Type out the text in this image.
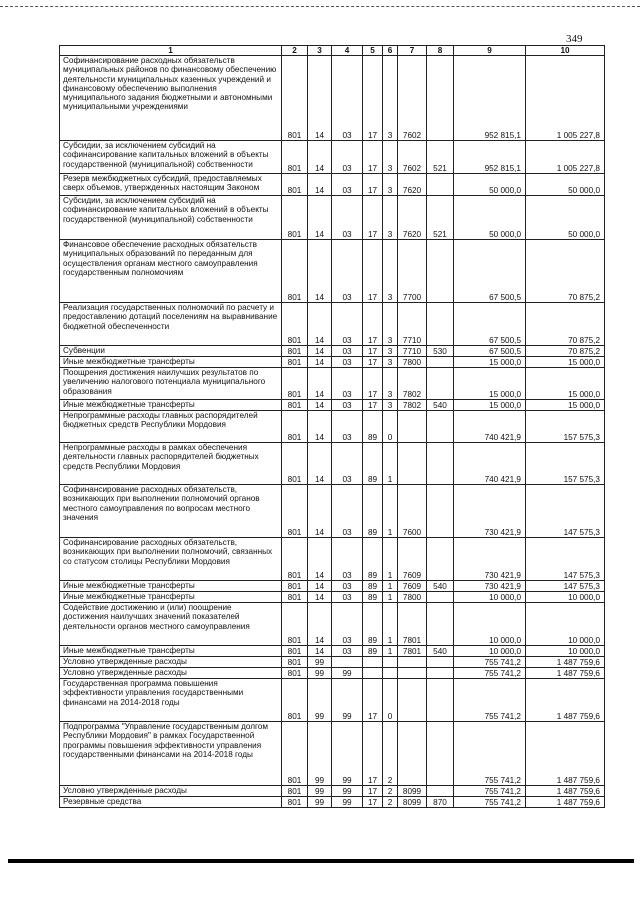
349
1	2	3	4	5	6	7	8	9	10
Софинансирование расходных обязательств муниципальных районов по финансовому обеспечению деятельности муниципальных казенных учреждений и финансовому обеспечению выполнения муниципального задания бюджетными и автономными муниципальными учреждениями	801	14	03	17	3	7602		952 815,1	1 005 227,8
Субсидии, за исключением субсидий на софинансирование капитальных вложений в объекты государственной (муниципальной) собственности	801	14	03	17	3	7602	521	952 815,1	1 005 227,8
Резерв межбюджетных субсидий, предоставляемых сверх объемов, утвержденных настоящим Законом	801	14	03	17	3	7620		50 000,0	50 000,0
Субсидии, за исключением субсидий на софинансирование капитальных вложений в объекты государственной (муниципальной) собственности	801	14	03	17	3	7620	521	50 000,0	50 000,0
Финансовое обеспечение расходных обязательств муниципальных образований по переданным для осуществления органам местного самоуправления государственным полномочиям	801	14	03	17	3	7700		67 500,5	70 875,2
Реализация государственных полномочий по расчету и предоставлению дотаций поселениям на выравнивание бюджетной обеспеченности	801	14	03	17	3	7710		67 500,5	70 875,2
Субвенции	801	14	03	17	3	7710	530	67 500,5	70 875,2
Иные межбюджетные трансферты	801	14	03	17	3	7800		15 000,0	15 000,0
Поощрения достижения наилучших результатов по увеличению налогового потенциала муниципального образования	801	14	03	17	3	7802		15 000,0	15 000,0
Иные межбюджетные трансферты	801	14	03	17	3	7802	540	15 000,0	15 000,0
Непрограммные расходы главных распорядителей бюджетных средств Республики Мордовия	801	14	03	89	0			740 421,9	157 575,3
Непрограммные расходы в рамках обеспечения деятельности главных распорядителей бюджетных средств Республики Мордовия	801	14	03	89	1			740 421,9	157 575,3
Софинансирование расходных обязательств, возникающих при выполнении полномочий органов местного самоуправления по вопросам местного значения	801	14	03	89	1	7600		730 421,9	147 575,3
Софинансирование расходных обязательств, возникающих при выполнении полномочий, связанных со статусом столицы Республики Мордовия	801	14	03	89	1	7609		730 421,9	147 575,3
Иные межбюджетные трансферты	801	14	03	89	1	7609	540	730 421,9	147 575,3
Иные межбюджетные трансферты	801	14	03	89	1	7800		10 000,0	10 000,0
Содействие достижению и (или) поощрение достижения наилучших значений показателей деятельности органов местного самоуправления	801	14	03	89	1	7801		10 000,0	10 000,0
Иные межбюджетные трансферты	801	14	03	89	1	7801	540	10 000,0	10 000,0
Условно утвержденные расходы	801	99						755 741,2	1 487 759,6
Условно утвержденные расходы	801	99	99					755 741,2	1 487 759,6
Государственная программа повышения эффективности управления государственными финансами на 2014-2018 годы	801	99	99	17	0			755 741,2	1 487 759,6
Подпрограмма "Управление государственным долгом Республики Мордовия" в рамках Государственной программы повышения эффективности управления государственными финансами на 2014-2018 годы	801	99	99	17	2			755 741,2	1 487 759,6
Условно утвержденные расходы	801	99	99	17	2	8099		755 741,2	1 487 759,6
Резервные средства	801	99	99	17	2	8099	870	755 741,2	1 487 759,6
